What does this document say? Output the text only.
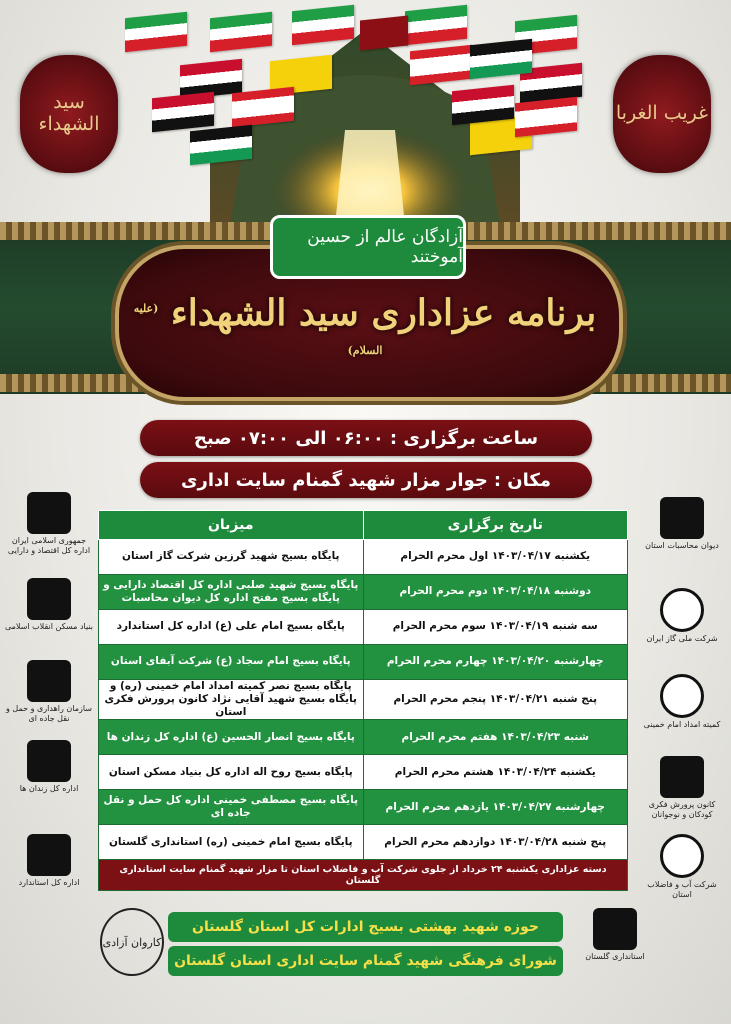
سید الشهداء	غریب الغربا
آزادگان عالم از حسین آموختند
برنامه عزاداری سید الشهداء $^{(علیه السلام)}$
ساعت برگزاری :
۰۶:۰۰ الی ۰۷:۰۰ صبح
مکان :
جوار مزار شهید گمنام سایت اداری
تاریخ برگزاری	میزبان
یکشنبه ۱۴۰۳/۰۴/۱۷ اول محرم الحرام	پایگاه بسیج شهید گرزین شرکت گاز استان
دوشنبه ۱۴۰۳/۰۴/۱۸ دوم محرم الحرام	پایگاه بسیج شهید صلبی اداره کل اقتصاد دارایی و پایگاه بسیج مفتح اداره کل دیوان محاسبات
سه شنبه ۱۴۰۳/۰۴/۱۹ سوم محرم الحرام	پایگاه بسیج امام علی (ع) اداره کل استاندارد
چهارشنبه ۱۴۰۳/۰۴/۲۰ چهارم محرم الحرام	پایگاه بسیج امام سجاد (ع) شرکت آبفای استان
پنج شنبه ۱۴۰۳/۰۴/۲۱ پنجم محرم الحرام	پایگاه بسیج نصر کمیته امداد امام خمینی (ره) و پایگاه بسیج شهید آقایی نژاد کانون پرورش فکری استان
شنبه ۱۴۰۳/۰۴/۲۳ هفتم محرم الحرام	پایگاه بسیج انصار الحسین (ع) اداره کل زندان ها
یکشنبه ۱۴۰۳/۰۴/۲۴ هشتم محرم الحرام	پایگاه بسیج روح اله اداره کل بنیاد مسکن استان
چهارشنبه ۱۴۰۳/۰۴/۲۷ یازدهم محرم الحرام	پایگاه بسیج مصطفی خمینی اداره کل حمل و نقل جاده ای
پنج شنبه ۱۴۰۳/۰۴/۲۸ دوازدهم محرم الحرام	پایگاه بسیج امام خمینی (ره) استانداری گلستان
دسته عزاداری یکشنبه ۲۴ خرداد از جلوی شرکت آب و فاضلاب استان تا مزار شهید گمنام سایت استانداری گلستان	
جمهوری اسلامی ایران اداره کل اقتصاد و دارایی
بنیاد مسکن انقلاب اسلامی
سازمان راهداری و حمل و نقل جاده ای
اداره کل زندان ها
اداره کل استاندارد
دیوان محاسبات استان
شرکت ملی گاز ایران
کمیته امداد امام خمینی
کانون پرورش فکری کودکان و نوجوانان
شرکت آب و فاضلاب استان
کاروان آزادی
حوزه شهید بهشتی بسیج ادارات کل استان گلستان
شورای فرهنگی شهید گمنام سایت اداری استان گلستان	استانداری گلستان
